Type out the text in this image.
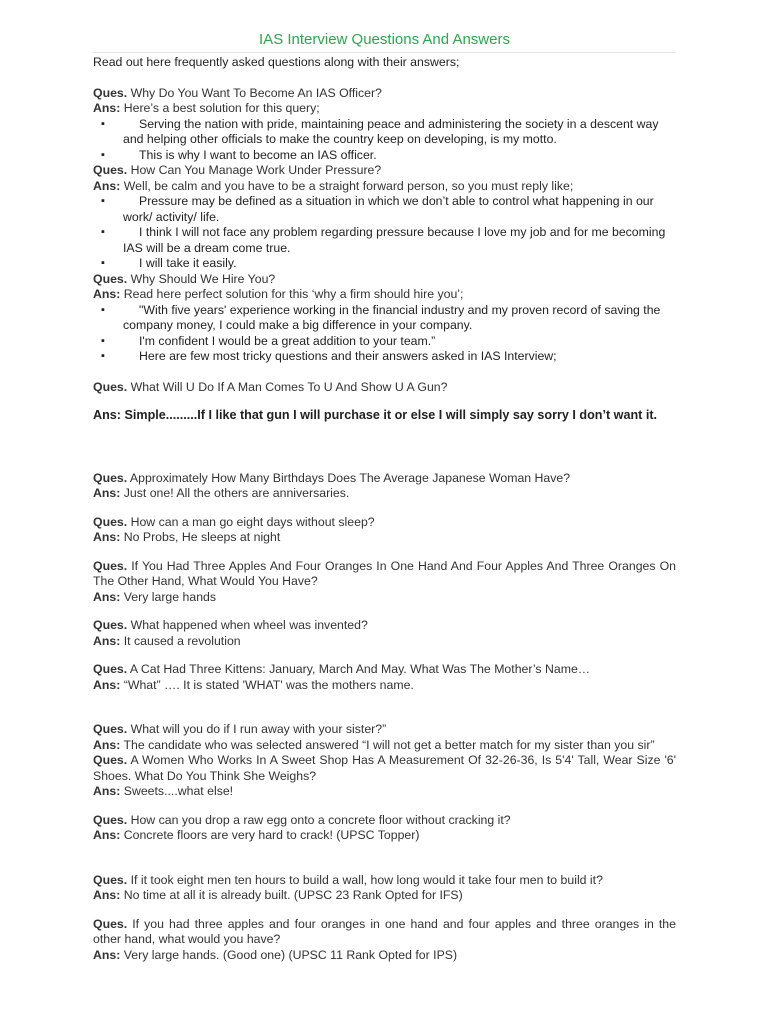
IAS Interview Questions And Answers

Read out here frequently asked questions along with their answers;

Ques. Why Do You Want To Become An IAS Officer?

Ans: Here’s a best solution for this query;

▪ Serving the nation with pride, maintaining peace and administering the society in a descent way and helping other officials to make the country keep on developing, is my motto.
▪ This is why I want to become an IAS officer.

Ques. How Can You Manage Work Under Pressure?

Ans: Well, be calm and you have to be a straight forward person, so you must reply like;

▪ Pressure may be defined as a situation in which we don’t able to control what happening in our work/ activity/ life.
▪ I think I will not face any problem regarding pressure because I love my job and for me becoming IAS will be a dream come true.
▪ I will take it easily.

Ques. Why Should We Hire You?

Ans: Read here perfect solution for this ‘why a firm should hire you’;

▪ "With five years' experience working in the financial industry and my proven record of saving the company money, I could make a big difference in your company.
▪ I'm confident I would be a great addition to your team.”
▪ Here are few most tricky questions and their answers asked in IAS Interview;

Ques. What Will U Do If A Man Comes To U And Show U A Gun?

Ans: Simple.........If I like that gun I will purchase it or else I will simply say sorry I don’t want it.

Ques. Approximately How Many Birthdays Does The Average Japanese Woman Have?

Ans: Just one! All the others are anniversaries.

Ques. How can a man go eight days without sleep?

Ans: No Probs, He sleeps at night

Ques. If You Had Three Apples And Four Oranges In One Hand And Four Apples And Three Oranges On The Other Hand, What Would You Have?

Ans: Very large hands

Ques. What happened when wheel was invented?

Ans: It caused a revolution

Ques. A Cat Had Three Kittens: January, March And May. What Was The Mother’s Name…

Ans: “What” …. It is stated 'WHAT' was the mothers name.

Ques. What will you do if I run away with your sister?”

Ans: The candidate who was selected answered “I will not get a better match for my sister than you sir”

Ques. A Women Who Works In A Sweet Shop Has A Measurement Of 32-26-36, Is 5'4' Tall, Wear Size '6' Shoes. What Do You Think She Weighs?

Ans: Sweets....what else!

Ques. How can you drop a raw egg onto a concrete floor without cracking it?

Ans: Concrete floors are very hard to crack! (UPSC Topper)

Ques. If it took eight men ten hours to build a wall, how long would it take four men to build it?

Ans: No time at all it is already built. (UPSC 23 Rank Opted for IFS)

Ques. If you had three apples and four oranges in one hand and four apples and three oranges in the other hand, what would you have?

Ans: Very large hands. (Good one) (UPSC 11 Rank Opted for IPS)
